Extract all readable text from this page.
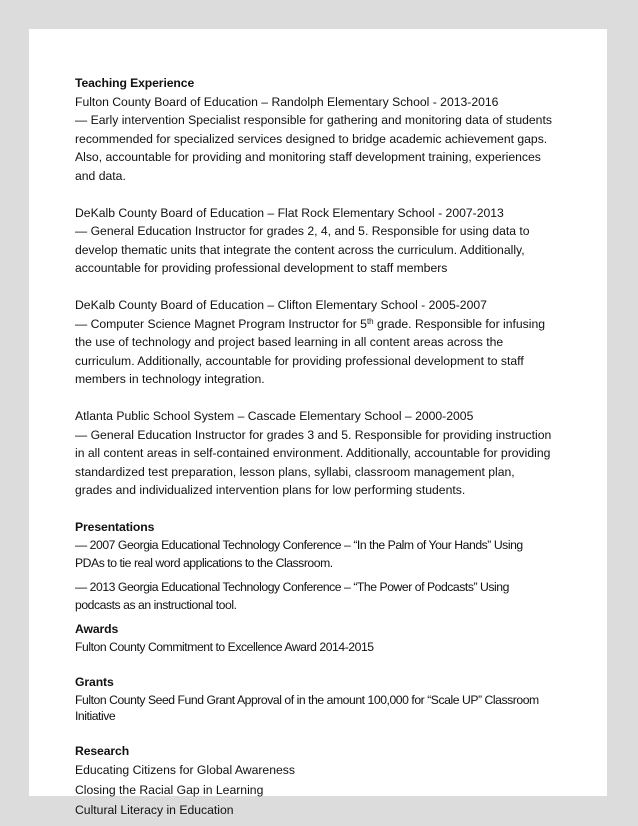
Teaching Experience
Fulton County Board of Education – Randolph Elementary School - 2013-2016
— Early intervention Specialist responsible for gathering and monitoring data of students recommended for specialized services designed to bridge academic achievement gaps. Also, accountable for providing and monitoring staff development training, experiences and data.
DeKalb County Board of Education – Flat Rock Elementary School - 2007-2013
— General Education Instructor for grades 2, 4, and 5. Responsible for using data to develop thematic units that integrate the content across the curriculum. Additionally, accountable for providing professional development to staff members
DeKalb County Board of Education – Clifton Elementary School - 2005-2007
— Computer Science Magnet Program Instructor for 5th grade. Responsible for infusing the use of technology and project based learning in all content areas across the curriculum. Additionally, accountable for providing professional development to staff members in technology integration.
Atlanta Public School System – Cascade Elementary School – 2000-2005
— General Education Instructor for grades 3 and 5. Responsible for providing instruction in all content areas in self-contained environment. Additionally, accountable for providing standardized test preparation, lesson plans, syllabi, classroom management plan, grades and individualized intervention plans for low performing students.
Presentations
— 2007 Georgia Educational Technology Conference – “In the Palm of Your Hands” Using PDAs to tie real word applications to the Classroom.
— 2013 Georgia Educational Technology Conference – “The Power of Podcasts” Using podcasts as an instructional tool.
Awards
Fulton County Commitment to Excellence Award 2014-2015
Grants
Fulton County Seed Fund Grant Approval of in the amount 100,000 for “Scale UP” Classroom Initiative
Research
Educating Citizens for Global Awareness
Closing the Racial Gap in Learning
Cultural Literacy in Education
